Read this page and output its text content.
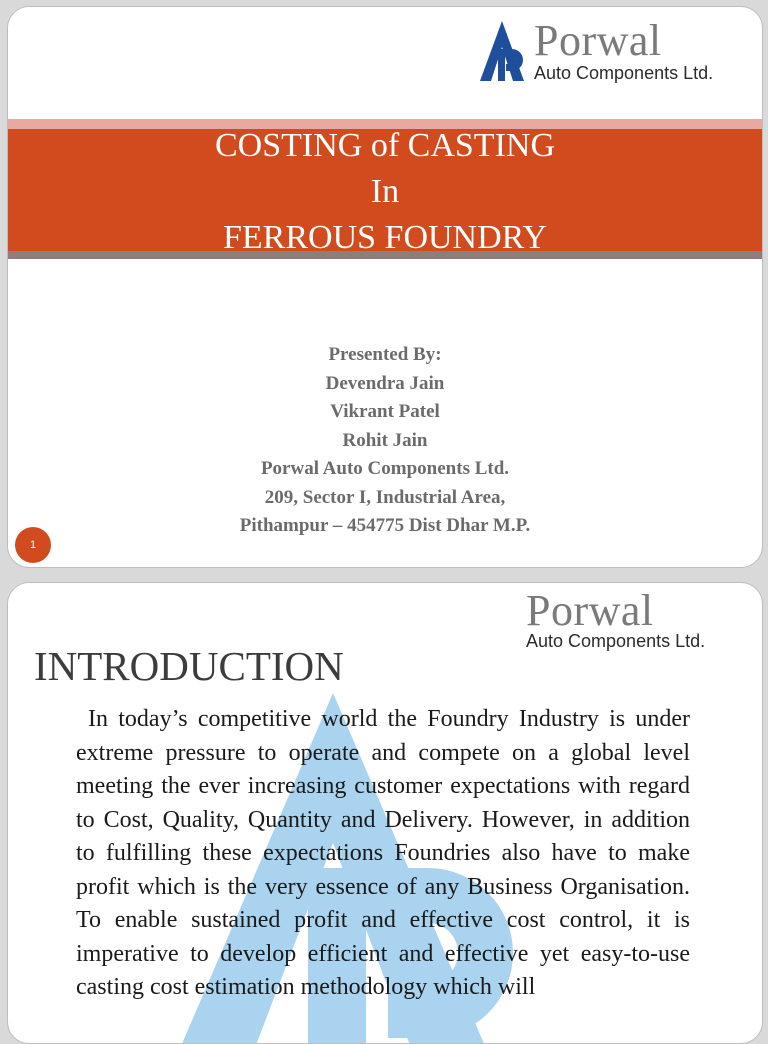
Porwal
Auto Components Ltd.
COSTING of CASTING
In
FERROUS FOUNDRY
Presented By:
Devendra Jain
Vikrant Patel
Rohit Jain
Porwal Auto Components Ltd.
209, Sector I, Industrial Area,
Pithampur – 454775 Dist Dhar M.P.
1
Porwal
Auto Components Ltd.
INTRODUCTION
In today’s competitive world the Foundry Industry is under extreme pressure to operate and compete on a global level meeting the ever increasing customer expectations with regard to Cost, Quality, Quantity and Delivery. However, in addition to fulfilling these expectations Foundries also have to make profit which is the very essence of any Business Organisation. To enable sustained profit and effective cost control, it is imperative to develop efficient and effective yet easy-to-use casting cost estimation methodology which will
